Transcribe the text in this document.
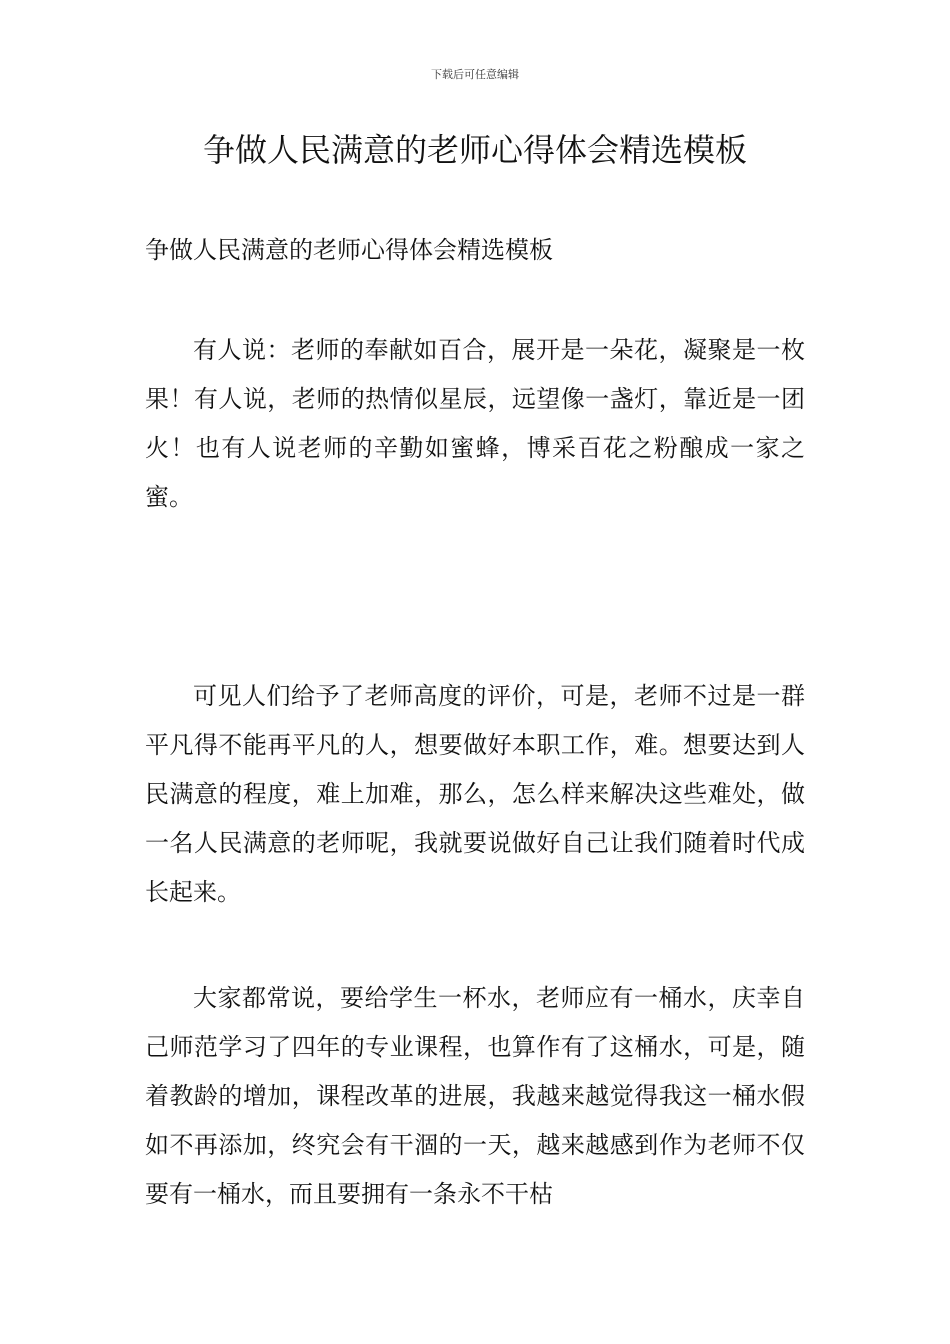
下载后可任意编辑
争做人民满意的老师心得体会精选模板
争做人民满意的老师心得体会精选模板

有人说：老师的奉献如百合，展开是一朵花，凝聚是一枚果！有人说，老师的热情似星辰，远望像一盏灯，靠近是一团火！也有人说老师的辛勤如蜜蜂，博采百花之粉酿成一家之蜜。

可见人们给予了老师高度的评价，可是，老师不过是一群平凡得不能再平凡的人，想要做好本职工作，难。想要达到人民满意的程度，难上加难，那么，怎么样来解决这些难处，做一名人民满意的老师呢，我就要说做好自己让我们随着时代成长起来。

大家都常说，要给学生一杯水，老师应有一桶水，庆幸自己师范学习了四年的专业课程，也算作有了这桶水，可是，随着教龄的增加，课程改革的进展，我越来越觉得我这一桶水假如不再添加，终究会有干涸的一天，越来越感到作为老师不仅要有一桶水，而且要拥有一条永不干枯
